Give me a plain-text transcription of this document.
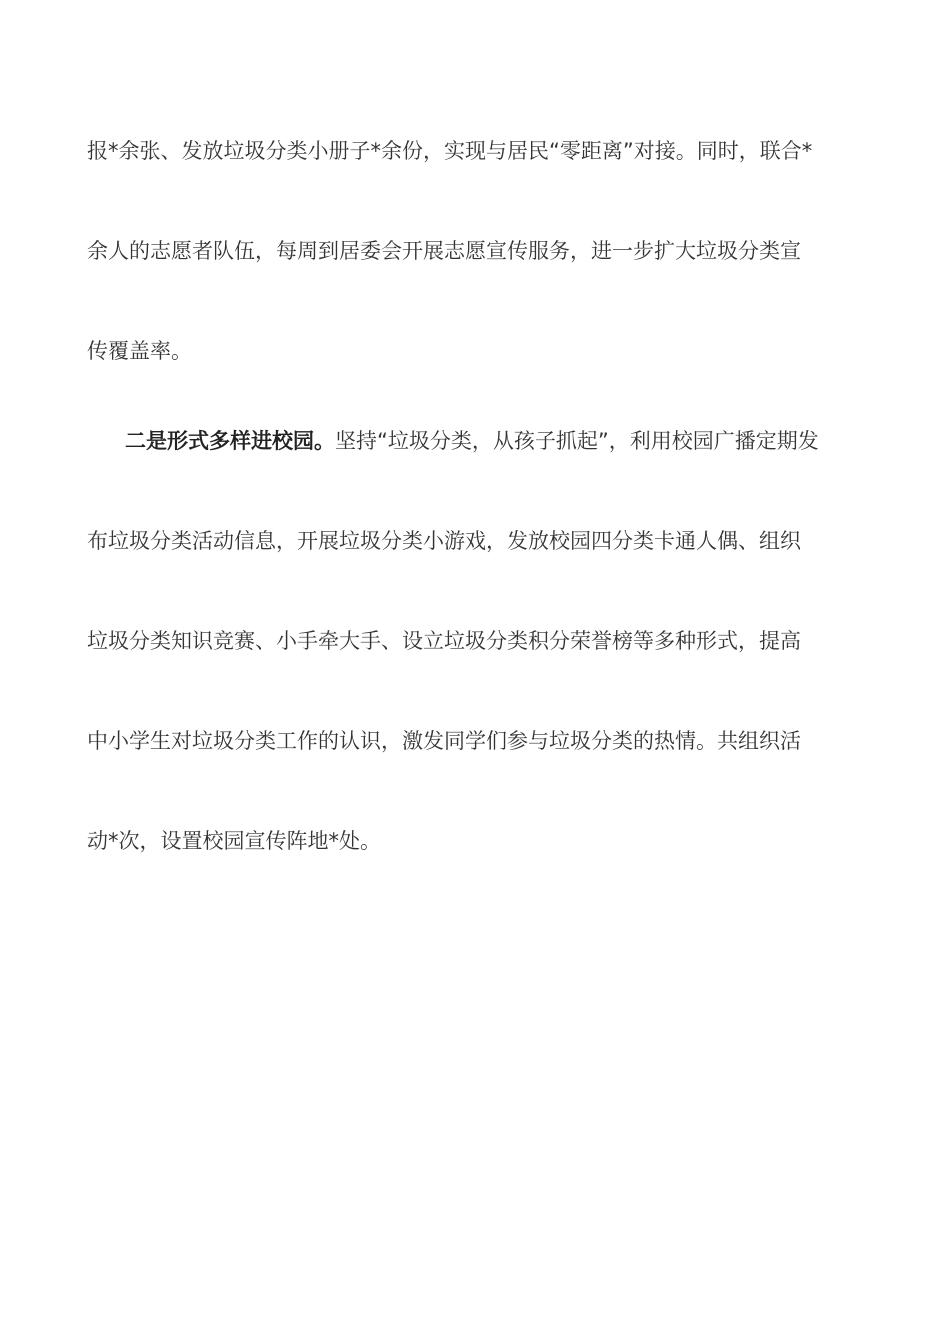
报*余张、发放垃圾分类小册子*余份，实现与居民“零距离”对接。同时，联合*
余人的志愿者队伍，每周到居委会开展志愿宣传服务，进一步扩大垃圾分类宣
传覆盖率。
二是形式多样进校园。坚持“垃圾分类，从孩子抓起”，利用校园广播定期发
布垃圾分类活动信息，开展垃圾分类小游戏，发放校园四分类卡通人偶、组织
垃圾分类知识竞赛、小手牵大手、设立垃圾分类积分荣誉榜等多种形式，提高
中小学生对垃圾分类工作的认识，激发同学们参与垃圾分类的热情。共组织活
动*次，设置校园宣传阵地*处。
